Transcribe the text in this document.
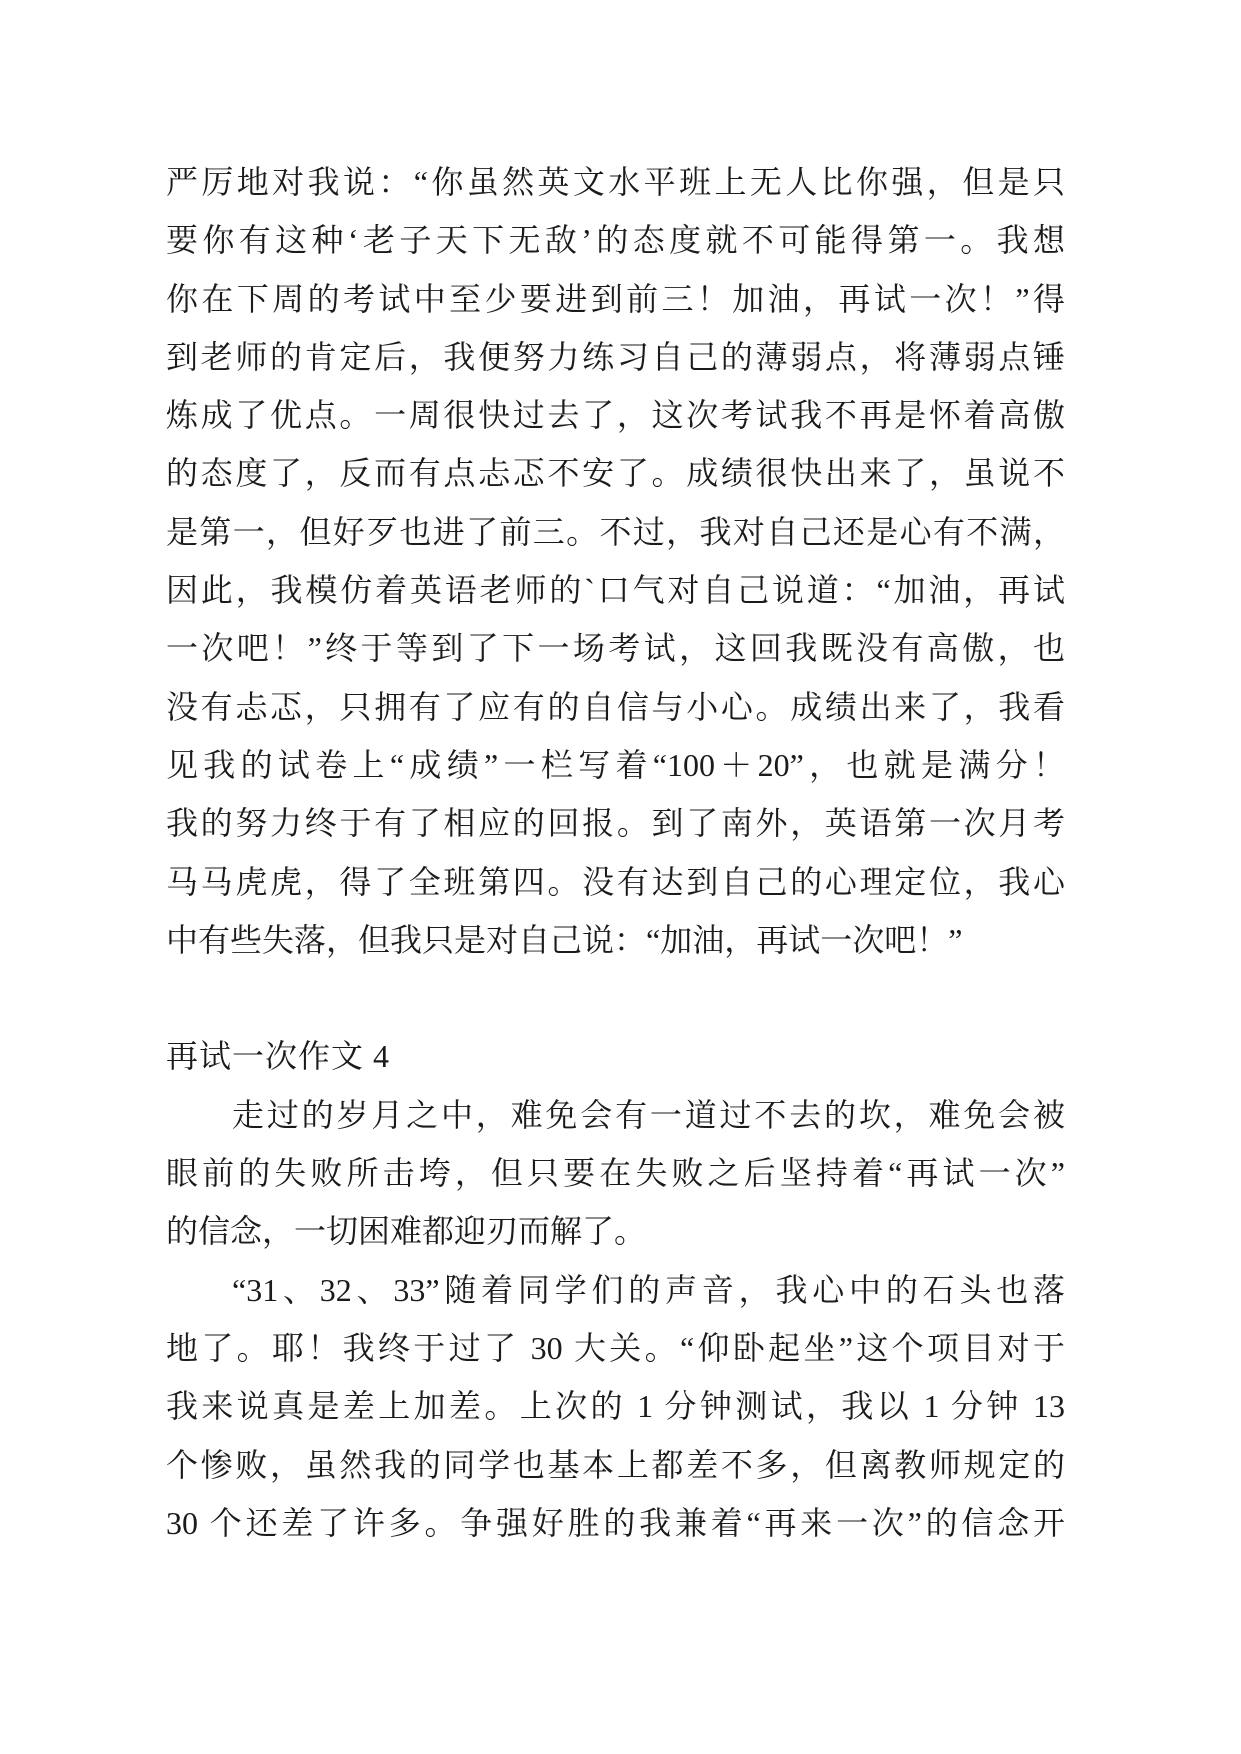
严厉地对我说：“你虽然英文水平班上无人比你强，但是只

要你有这种‘老子天下无敌’的态度就不可能得第一。我想

你在下周的考试中至少要进到前三！加油，再试一次！”得

到老师的肯定后，我便努力练习自己的薄弱点，将薄弱点锤

炼成了优点。一周很快过去了，这次考试我不再是怀着高傲

的态度了，反而有点忐忑不安了。成绩很快出来了，虽说不

是第一，但好歹也进了前三。不过，我对自己还是心有不满，

因此，我模仿着英语老师的`口气对自己说道：“加油，再试

一次吧！”终于等到了下一场考试，这回我既没有高傲，也

没有忐忑，只拥有了应有的自信与小心。成绩出来了，我看

见我的试卷上“成绩”一栏写着“100＋20”，也就是满分！

我的努力终于有了相应的回报。到了南外，英语第一次月考

马马虎虎，得了全班第四。没有达到自己的心理定位，我心

中有些失落，但我只是对自己说：“加油，再试一次吧！”

再试一次作文 4

走过的岁月之中，难免会有一道过不去的坎，难免会被

眼前的失败所击垮，但只要在失败之后坚持着“再试一次”

的信念，一切困难都迎刃而解了。

“31、32、33”随着同学们的声音，我心中的石头也落

地了。耶！我终于过了 30 大关。“仰卧起坐”这个项目对于

我来说真是差上加差。上次的 1 分钟测试，我以 1 分钟 13

个惨败，虽然我的同学也基本上都差不多，但离教师规定的

30 个还差了许多。争强好胜的我兼着“再来一次”的信念开
